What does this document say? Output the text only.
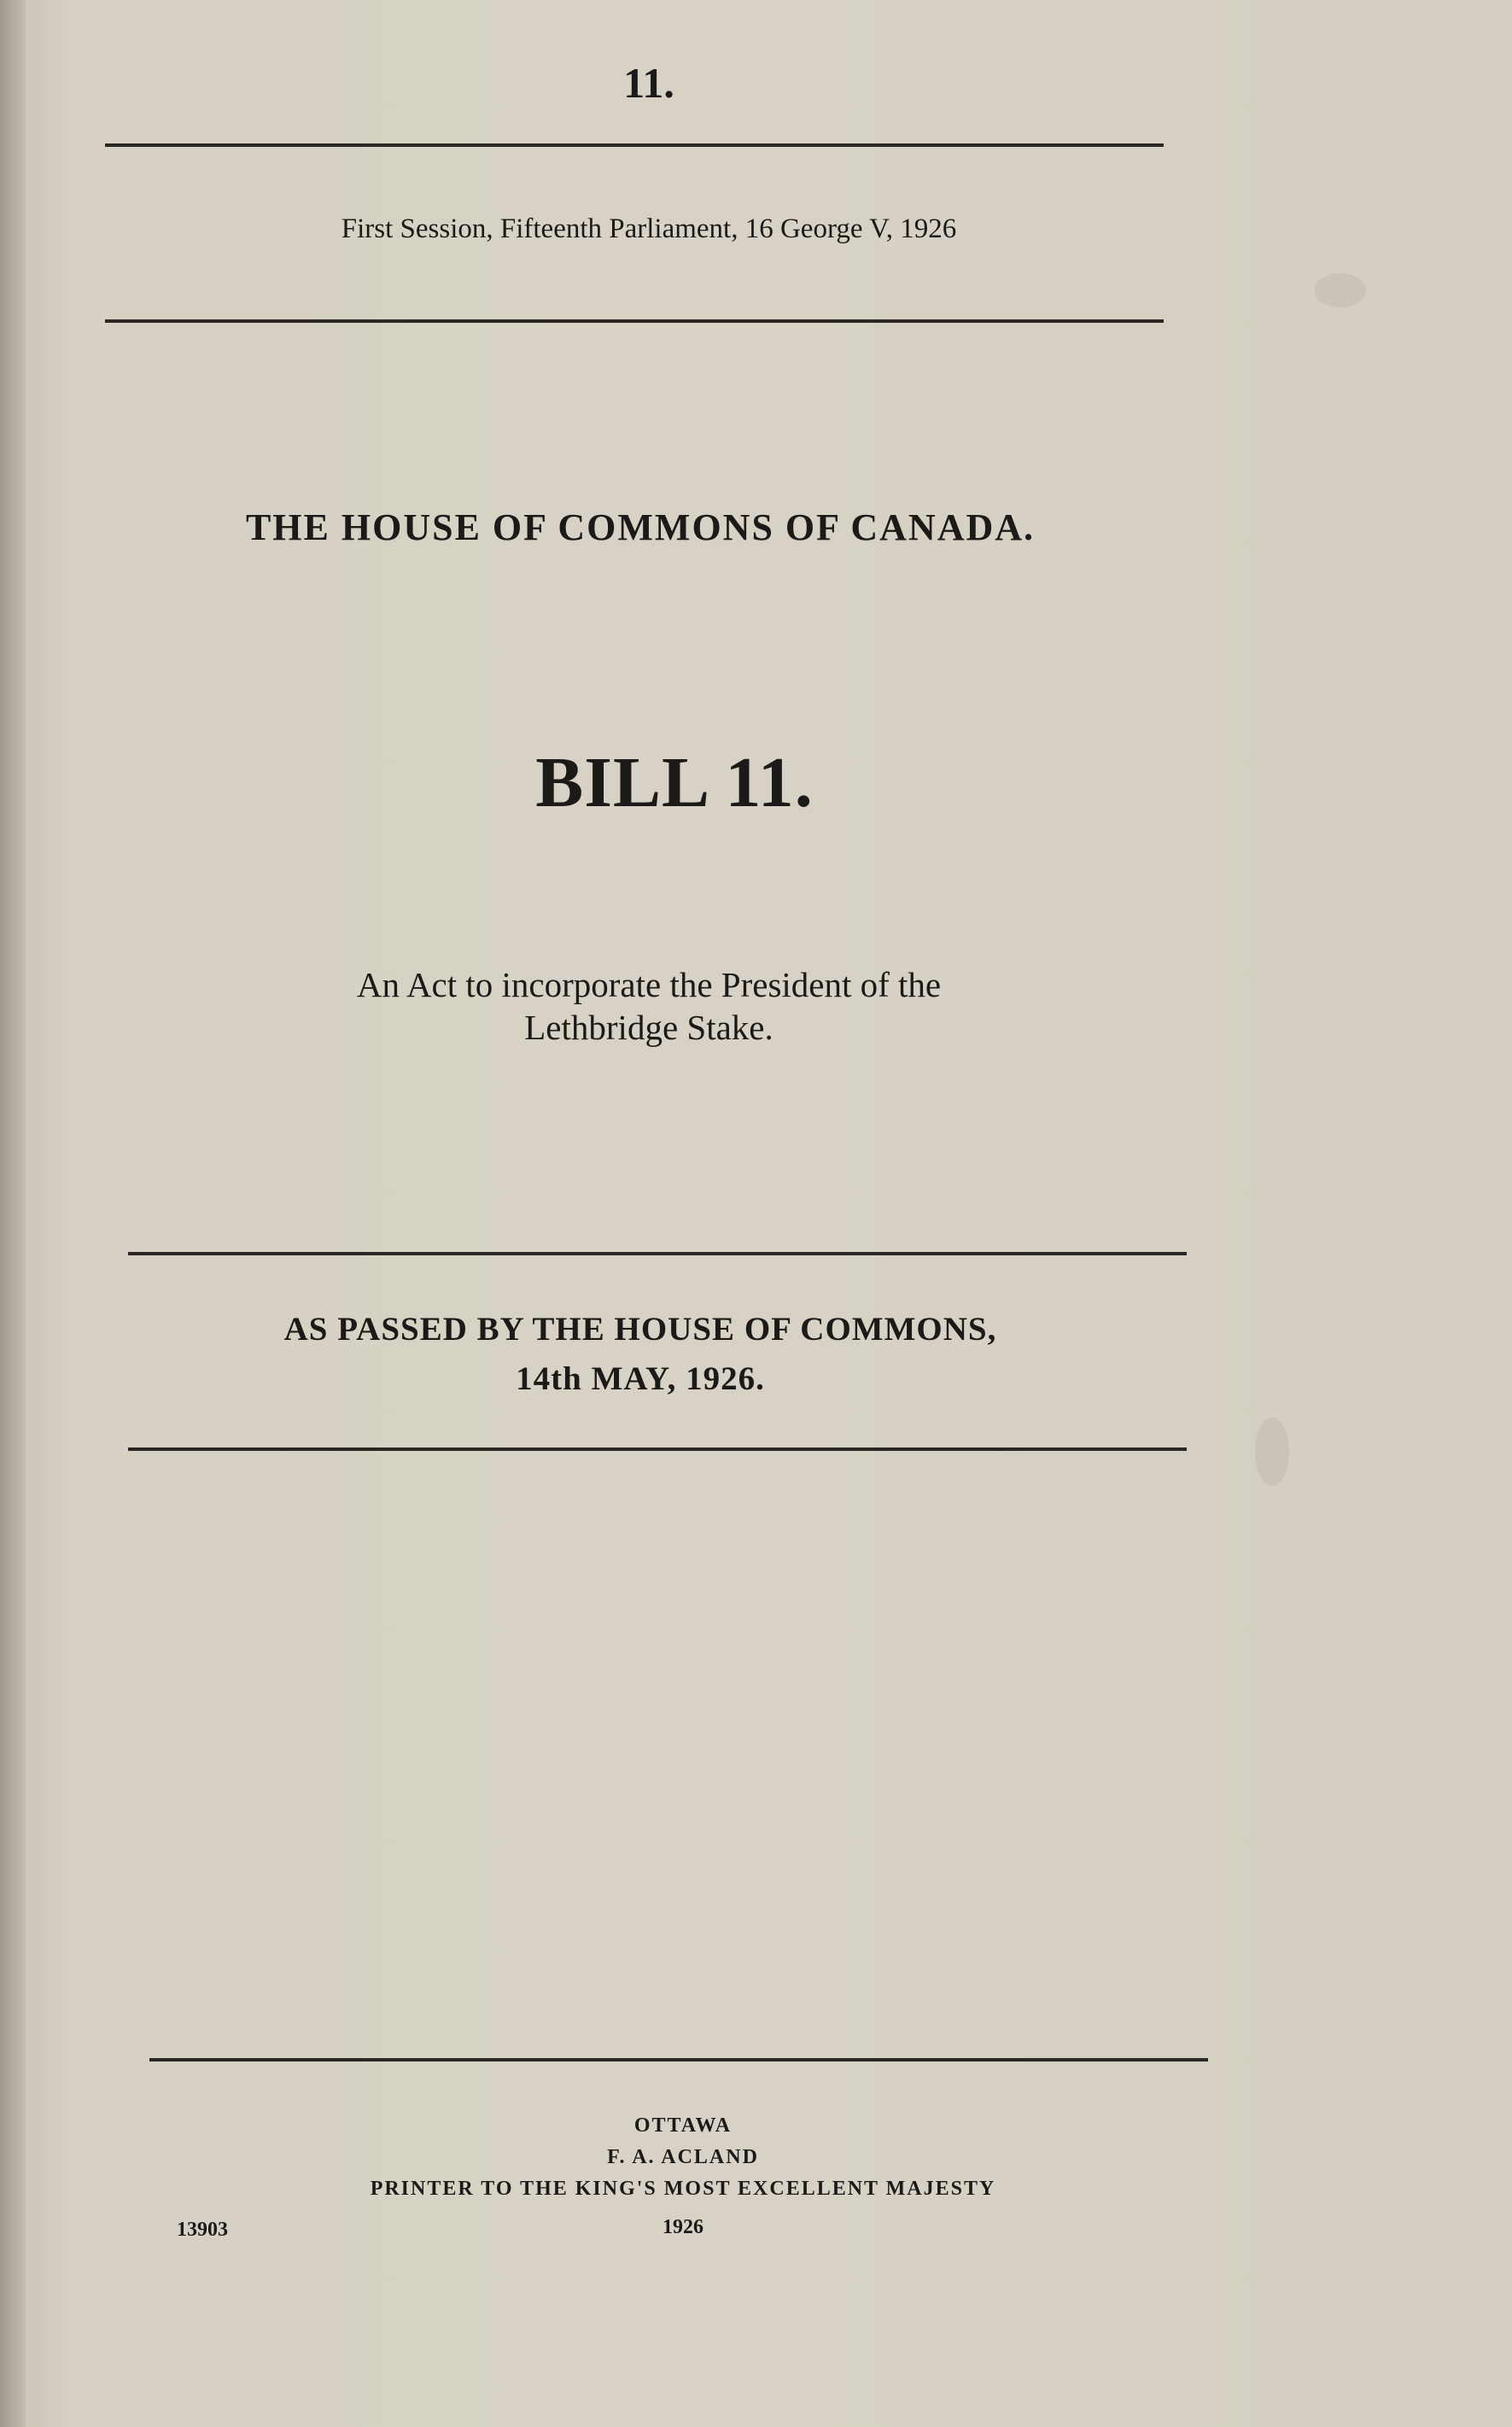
11.
First Session, Fifteenth Parliament, 16 George V, 1926
THE HOUSE OF COMMONS OF CANADA.
BILL 11.
An Act to incorporate the President of the
Lethbridge Stake.
AS PASSED BY THE HOUSE OF COMMONS,
14th MAY, 1926.
OTTAWA
F. A. ACLAND
PRINTER TO THE KING'S MOST EXCELLENT MAJESTY
13903	1926
